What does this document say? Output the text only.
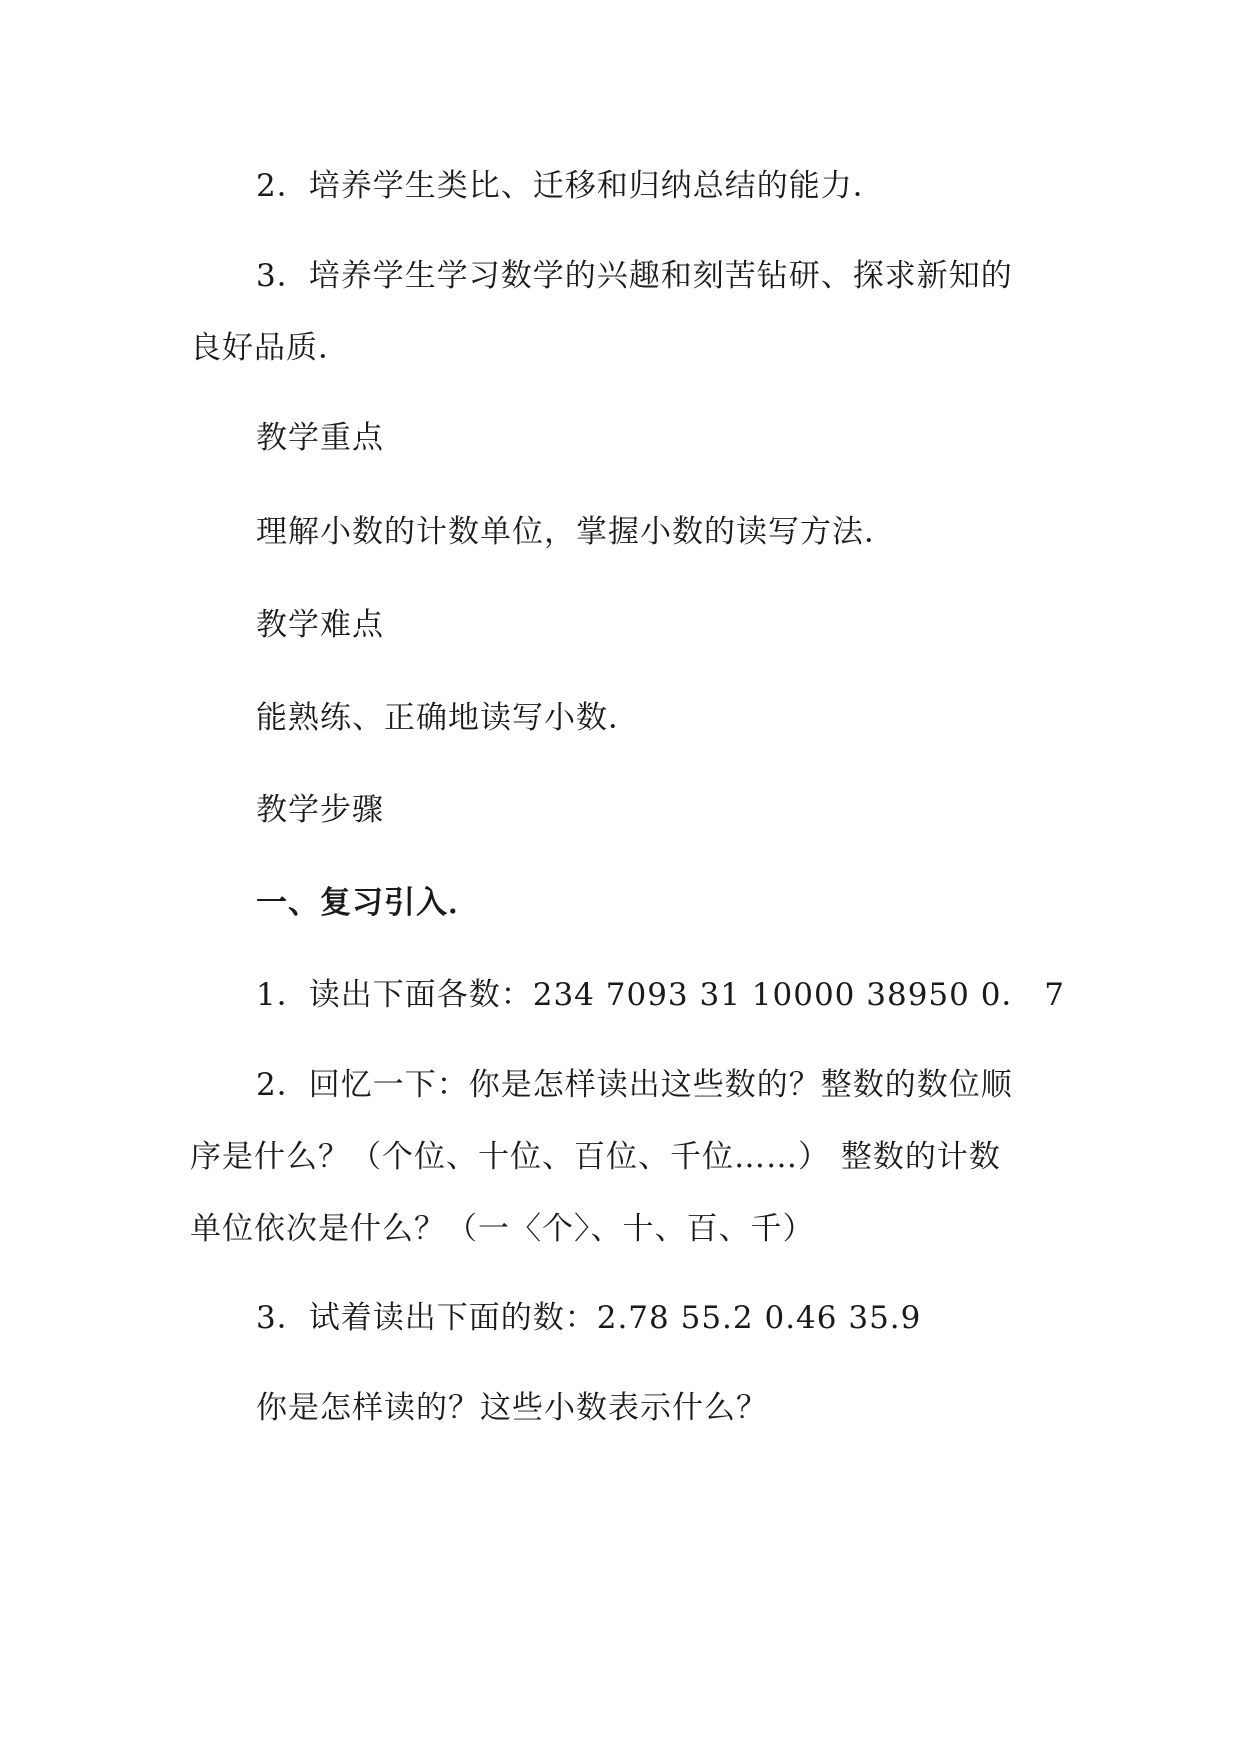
2．培养学生类比、迁移和归纳总结的能力．
3．培养学生学习数学的兴趣和刻苦钻研、探求新知的
良好品质．
教学重点
理解小数的计数单位，掌握小数的读写方法．
教学难点
能熟练、正确地读写小数．
教学步骤
一、复习引入．
1．读出下面各数：234 7093 31 10000 38950 0． 7
2．回忆一下：你是怎样读出这些数的？整数的数位顺
序是什么？（个位、十位、百位、千位……） 整数的计数
单位依次是什么？（一〈个〉、十、百、千）
3．试着读出下面的数：2.78 55.2 0.46 35.9
你是怎样读的？这些小数表示什么？
